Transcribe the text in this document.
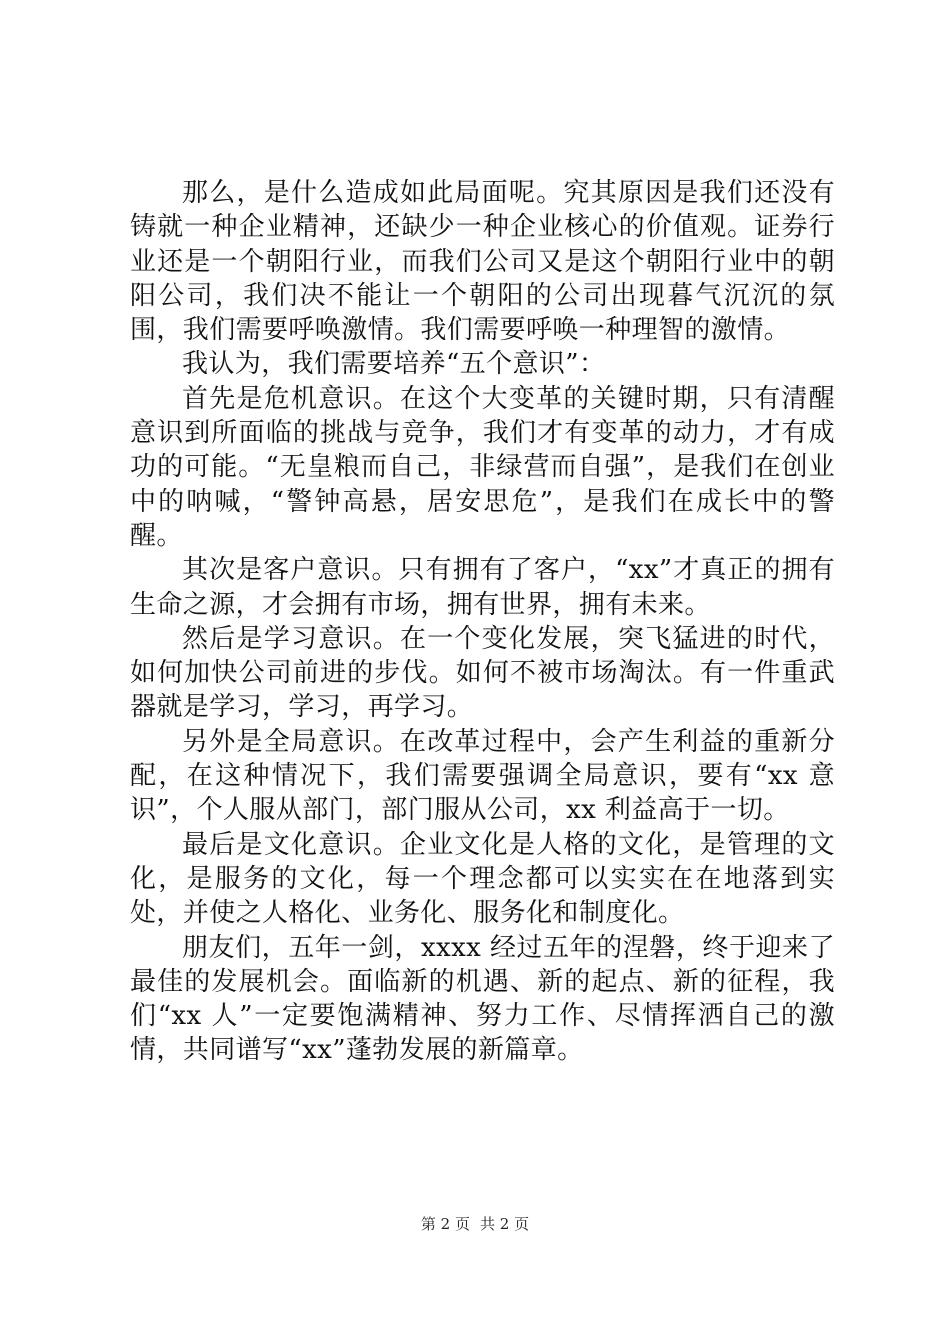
那么，是什么造成如此局面呢。究其原因是我们还没有铸就一种企业精神，还缺少一种企业核心的价值观。证券行业还是一个朝阳行业，而我们公司又是这个朝阳行业中的朝阳公司，我们决不能让一个朝阳的公司出现暮气沉沉的氛围，我们需要呼唤激情。我们需要呼唤一种理智的激情。

我认为，我们需要培养“五个意识”：

首先是危机意识。在这个大变革的关键时期，只有清醒意识到所面临的挑战与竞争，我们才有变革的动力，才有成功的可能。“无皇粮而自己，非绿营而自强”，是我们在创业中的呐喊，“警钟高悬，居安思危”，是我们在成长中的警醒。

其次是客户意识。只有拥有了客户，“xx”才真正的拥有生命之源，才会拥有市场，拥有世界，拥有未来。

然后是学习意识。在一个变化发展，突飞猛进的时代，如何加快公司前进的步伐。如何不被市场淘汰。有一件重武器就是学习，学习，再学习。

另外是全局意识。在改革过程中，会产生利益的重新分配，在这种情况下，我们需要强调全局意识，要有“xx 意识”，个人服从部门，部门服从公司，xx 利益高于一切。

最后是文化意识。企业文化是人格的文化，是管理的文化，是服务的文化，每一个理念都可以实实在在地落到实处，并使之人格化、业务化、服务化和制度化。

朋友们，五年一剑，xxxx 经过五年的涅磐，终于迎来了最佳的发展机会。面临新的机遇、新的起点、新的征程，我们“xx 人”一定要饱满精神、努力工作、尽情挥洒自己的激情，共同谱写“xx”蓬勃发展的新篇章。

第 2 页 共 2 页
